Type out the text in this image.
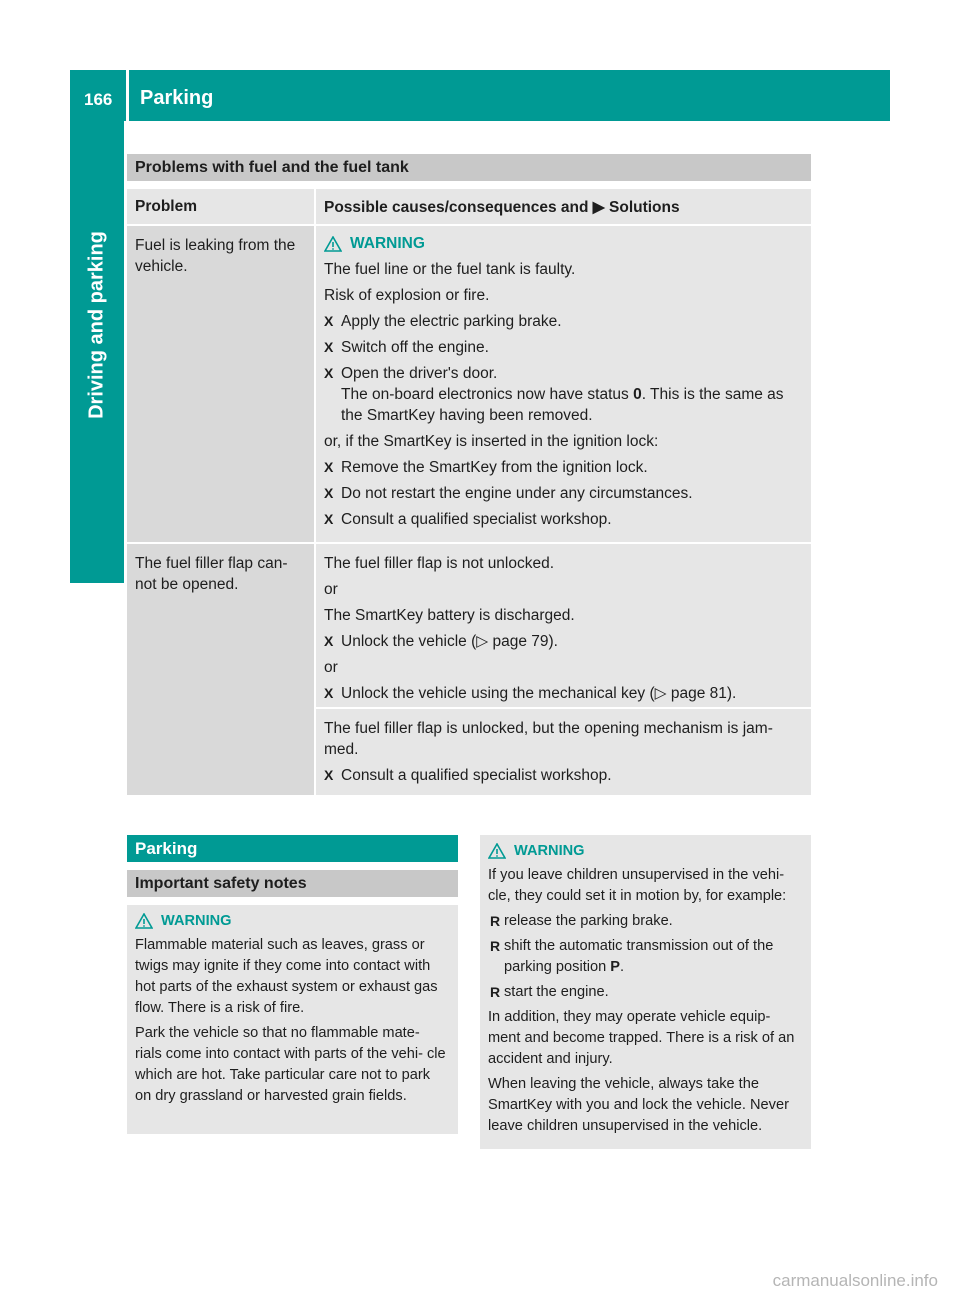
166 Parking
Driving and parking
Problems with fuel and the fuel tank
Problem	Possible causes/consequences and ▶ Solutions
Fuel is leaking from the vehicle.
WARNING

The fuel line or the fuel tank is faulty.

Risk of explosion or fire.

X Apply the electric parking brake.
X Switch off the engine.
X Open the driver's door.
The on-board electronics now have status 0. This is the same as the SmartKey having been removed.

or, if the SmartKey is inserted in the ignition lock:

X Remove the SmartKey from the ignition lock.
X Do not restart the engine under any circumstances.
X Consult a qualified specialist workshop.
The fuel filler flap can- not be opened.

The fuel filler flap is not unlocked.

or

The SmartKey battery is discharged.

X Unlock the vehicle (▷ page 79).

or

X Unlock the vehicle using the mechanical key (▷ page 81).

The fuel filler flap is unlocked, but the opening mechanism is jam- med.

X Consult a qualified specialist workshop.
Parking
Important safety notes
WARNING

Flammable material such as leaves, grass or twigs may ignite if they come into contact with hot parts of the exhaust system or exhaust gas flow. There is a risk of fire.

Park the vehicle so that no flammable mate- rials come into contact with parts of the vehi- cle which are hot. Take particular care not to park on dry grassland or harvested grain fields.

WARNING

If you leave children unsupervised in the vehi- cle, they could set it in motion by, for example:

R release the parking brake.
R shift the automatic transmission out of the parking position P.
R start the engine.

In addition, they may operate vehicle equip- ment and become trapped. There is a risk of an accident and injury.

When leaving the vehicle, always take the SmartKey with you and lock the vehicle. Never leave children unsupervised in the vehicle.

carmanualsonline.info
